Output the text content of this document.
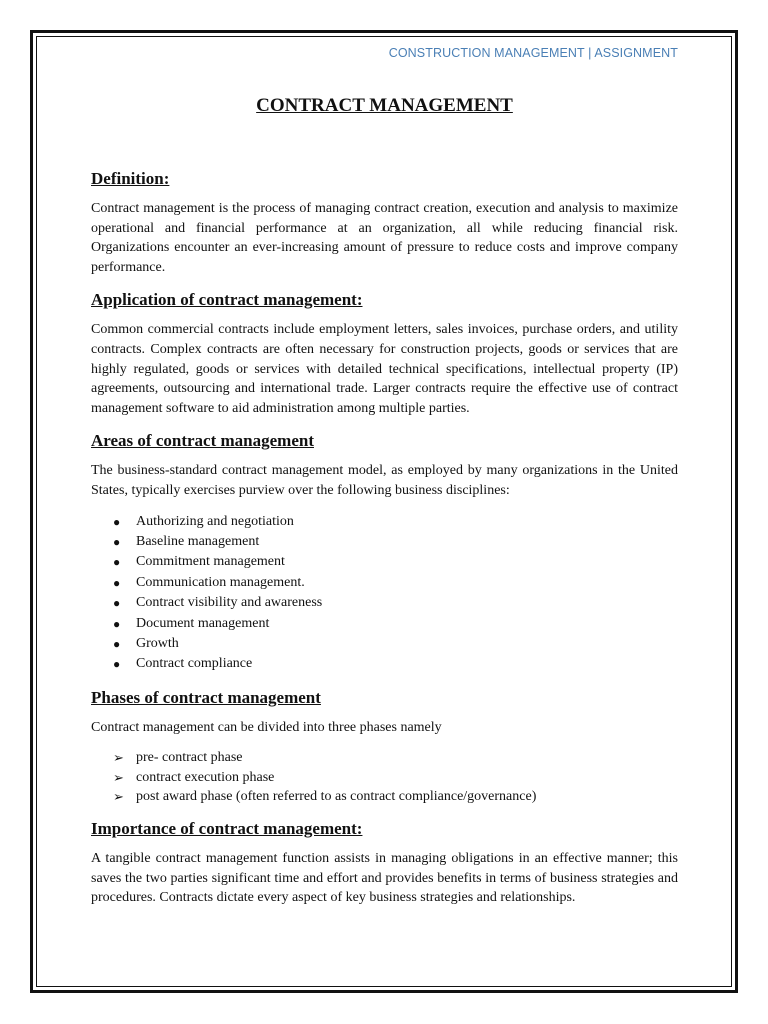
CONSTRUCTION MANAGEMENT | ASSIGNMENT
CONTRACT MANAGEMENT
Definition:

Contract management is the process of managing contract creation, execution and analysis to maximize operational and financial performance at an organization, all while reducing financial risk. Organizations encounter an ever-increasing amount of pressure to reduce costs and improve company performance.

Application of contract management:

Common commercial contracts include employment letters, sales invoices, purchase orders, and utility contracts. Complex contracts are often necessary for construction projects, goods or services that are highly regulated, goods or services with detailed technical specifications, intellectual property (IP) agreements, outsourcing and international trade. Larger contracts require the effective use of contract management software to aid administration among multiple parties.

Areas of contract management

The business-standard contract management model, as employed by many organizations in the United States, typically exercises purview over the following business disciplines:

● Authorizing and negotiation
● Baseline management
● Commitment management
● Communication management.
● Contract visibility and awareness
● Document management
● Growth
● Contract compliance
Phases of contract management

Contract management can be divided into three phases namely

➢ pre- contract phase
➢ contract execution phase
➢ post award phase (often referred to as contract compliance/governance)
Importance of contract management:

A tangible contract management function assists in managing obligations in an effective manner; this saves the two parties significant time and effort and provides benefits in terms of business strategies and procedures. Contracts dictate every aspect of key business strategies and relationships.
